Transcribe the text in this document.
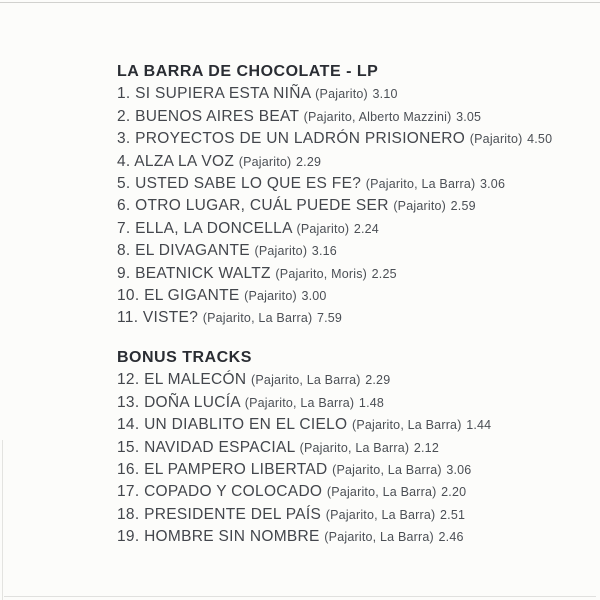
LA BARRA DE CHOCOLATE - LP
1. SI SUPIERA ESTA NIÑA (Pajarito) 3.10
2. BUENOS AIRES BEAT (Pajarito, Alberto Mazzini) 3.05
3. PROYECTOS DE UN LADRÓN PRISIONERO (Pajarito) 4.50
4. ALZA LA VOZ (Pajarito) 2.29
5. USTED SABE LO QUE ES FE? (Pajarito, La Barra) 3.06
6. OTRO LUGAR, CUÁL PUEDE SER (Pajarito) 2.59
7. ELLA, LA DONCELLA (Pajarito) 2.24
8. EL DIVAGANTE (Pajarito) 3.16
9. BEATNICK WALTZ (Pajarito, Moris) 2.25
10. EL GIGANTE (Pajarito) 3.00
11. VISTE? (Pajarito, La Barra) 7.59
BONUS TRACKS
12. EL MALECÓN (Pajarito, La Barra) 2.29
13. DOÑA LUCÍA (Pajarito, La Barra) 1.48
14. UN DIABLITO EN EL CIELO (Pajarito, La Barra) 1.44
15. NAVIDAD ESPACIAL (Pajarito, La Barra) 2.12
16. EL PAMPERO LIBERTAD (Pajarito, La Barra) 3.06
17. COPADO Y COLOCADO (Pajarito, La Barra) 2.20
18. PRESIDENTE DEL PAÍS (Pajarito, La Barra) 2.51
19. HOMBRE SIN NOMBRE (Pajarito, La Barra) 2.46
